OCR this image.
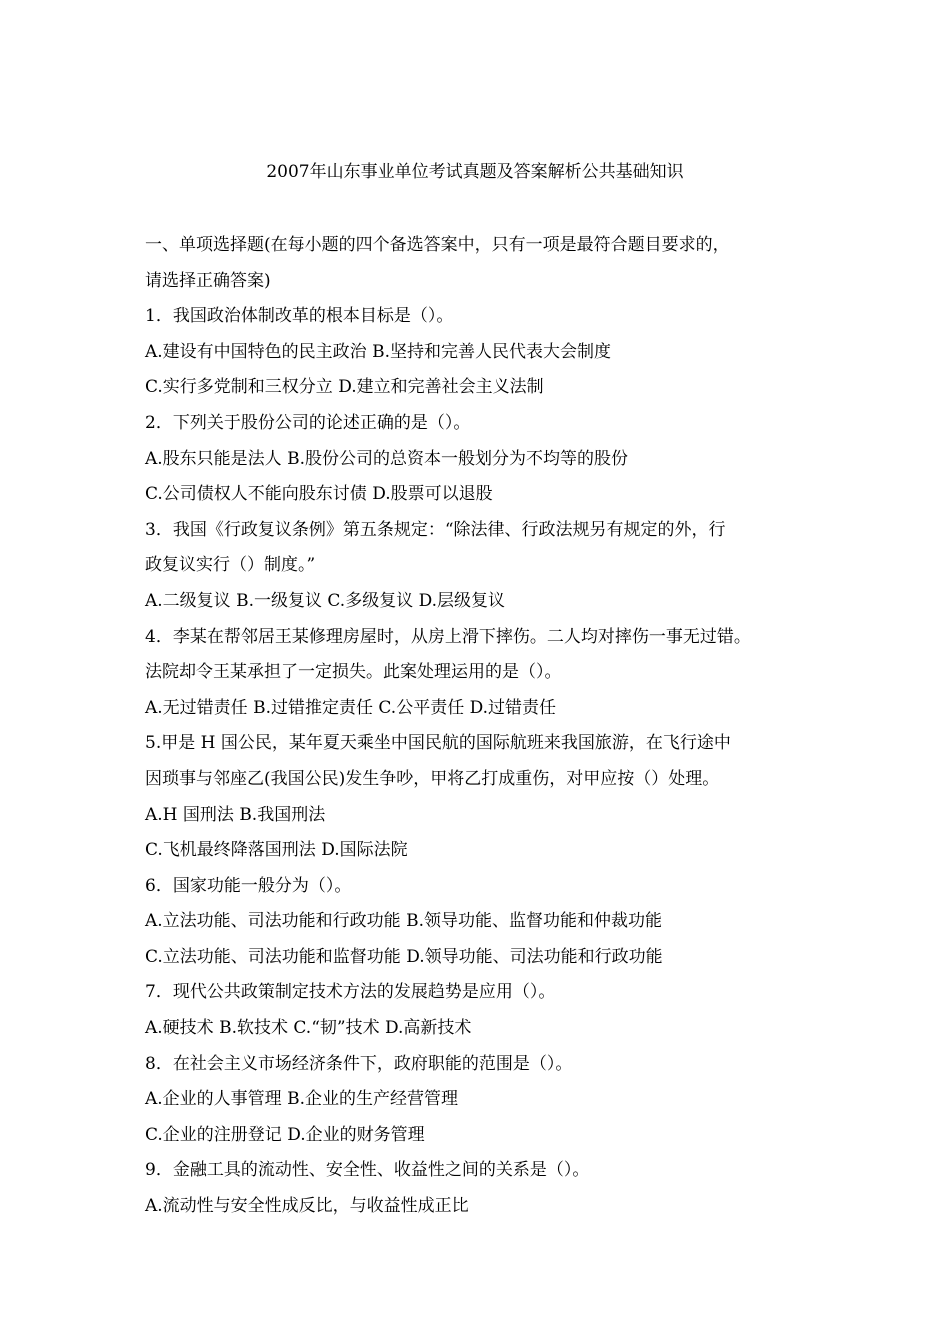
2007年山东事业单位考试真题及答案解析公共基础知识
一、单项选择题(在每小题的四个备选答案中，只有一项是最符合题目要求的，
请选择正确答案)
1．我国政治体制改革的根本目标是（）。
A.建设有中国特色的民主政治 B.坚持和完善人民代表大会制度
C.实行多党制和三权分立 D.建立和完善社会主义法制
2．下列关于股份公司的论述正确的是（）。
A.股东只能是法人 B.股份公司的总资本一般划分为不均等的股份
C.公司债权人不能向股东讨债 D.股票可以退股
3．我国《行政复议条例》第五条规定：“除法律、行政法规另有规定的外，行
政复议实行（）制度。”
A.二级复议 B.一级复议 C.多级复议 D.层级复议
4．李某在帮邻居王某修理房屋时，从房上滑下摔伤。二人均对摔伤一事无过错。
法院却令王某承担了一定损失。此案处理运用的是（）。
A.无过错责任 B.过错推定责任 C.公平责任 D.过错责任
5.甲是 H 国公民，某年夏天乘坐中国民航的国际航班来我国旅游，在飞行途中
因琐事与邻座乙(我国公民)发生争吵，甲将乙打成重伤，对甲应按（）处理。
A.H 国刑法 B.我国刑法
C.飞机最终降落国刑法 D.国际法院
6．国家功能一般分为（）。
A.立法功能、司法功能和行政功能 B.领导功能、监督功能和仲裁功能
C.立法功能、司法功能和监督功能 D.领导功能、司法功能和行政功能
7．现代公共政策制定技术方法的发展趋势是应用（）。
A.硬技术 B.软技术 C.“韧”技术 D.高新技术
8．在社会主义市场经济条件下，政府职能的范围是（）。
A.企业的人事管理 B.企业的生产经营管理
C.企业的注册登记 D.企业的财务管理
9．金融工具的流动性、安全性、收益性之间的关系是（）。
A.流动性与安全性成反比，与收益性成正比
